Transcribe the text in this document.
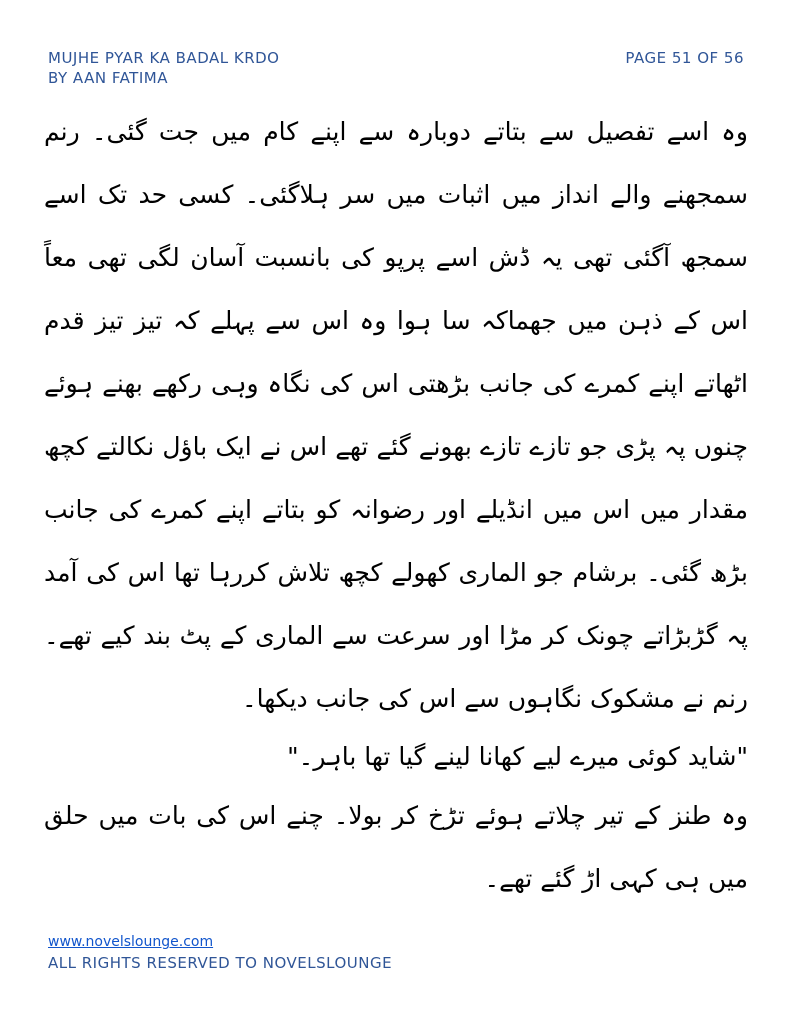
MUJHE PYAR KA BADAL KRDO
BY AAN FATIMA
PAGE 51 OF 56

وہ اسے تفصیل سے بتاتے دوبارہ سے اپنے کام میں جت گئی۔ رنم سمجھنے والے انداز میں اثبات میں سر ہلاگئی۔ کسی حد تک اسے سمجھ آگئی تھی یہ ڈش اسے پرپو کی بانسبت آسان لگی تھی معاً اس کے ذہن میں جھماکہ سا ہوا وہ اس سے پہلے کہ تیز تیز قدم اٹھاتے اپنے کمرے کی جانب بڑھتی اس کی نگاہ وہی رکھے بھنے ہوئے چنوں پہ پڑی جو تازے تازے بھونے گئے تھے اس نے ایک باؤل نکالتے کچھ مقدار میں اس میں انڈیلے اور رضوانہ کو بتاتے اپنے کمرے کی جانب بڑھ گئی۔ برشام جو الماری کھولے کچھ تلاش کررہا تھا اس کی آمد پہ گڑبڑاتے چونک کر مڑا اور سرعت سے الماری کے پٹ بند کیے تھے۔ رنم نے مشکوک نگاہوں سے اس کی جانب دیکھا۔

"شاید کوئی میرے لیے کھانا لینے گیا تھا باہر۔"

وہ طنز کے تیر چلاتے ہوئے تڑخ کر بولا۔ چنے اس کی بات میں حلق میں ہی کہی اڑ گئے تھے۔

www.novelslounge.com
ALL RIGHTS RESERVED TO NOVELSLOUNGE
